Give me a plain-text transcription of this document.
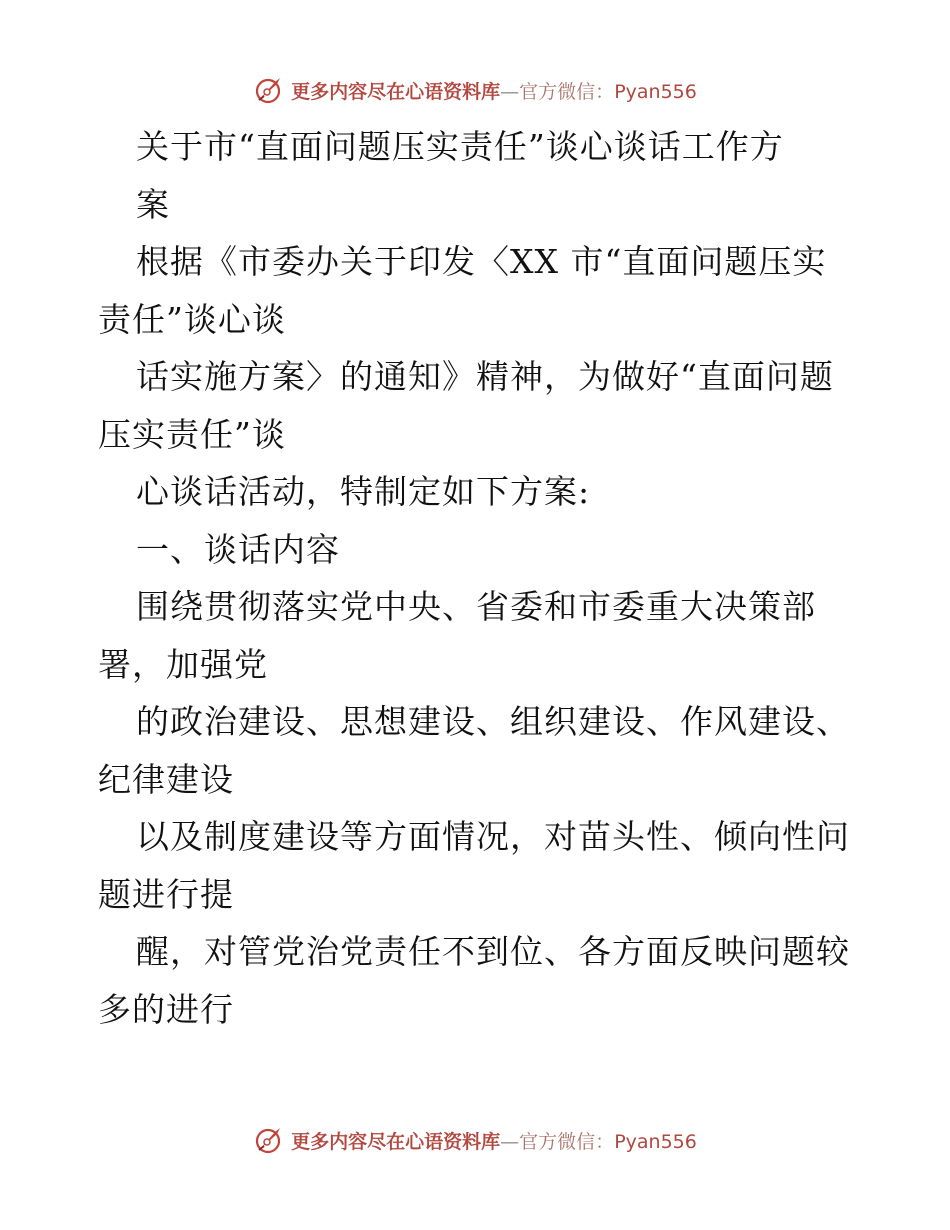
更多内容尽在心语资料库—官方微信：Pyan556
关于市“直面问题压实责任”谈心谈话工作方
案
根据《市委办关于印发〈XX 市“直面问题压实
责任”谈心谈
话实施方案〉的通知》精神，为做好“直面问题
压实责任”谈
心谈话活动，特制定如下方案:
一、谈话内容
围绕贯彻落实党中央、省委和市委重大决策部
署，加强党
的政治建设、思想建设、组织建设、作风建设、
纪律建设
以及制度建设等方面情况，对苗头性、倾向性问
题进行提
醒，对管党治党责任不到位、各方面反映问题较
多的进行
更多内容尽在心语资料库—官方微信：Pyan556
